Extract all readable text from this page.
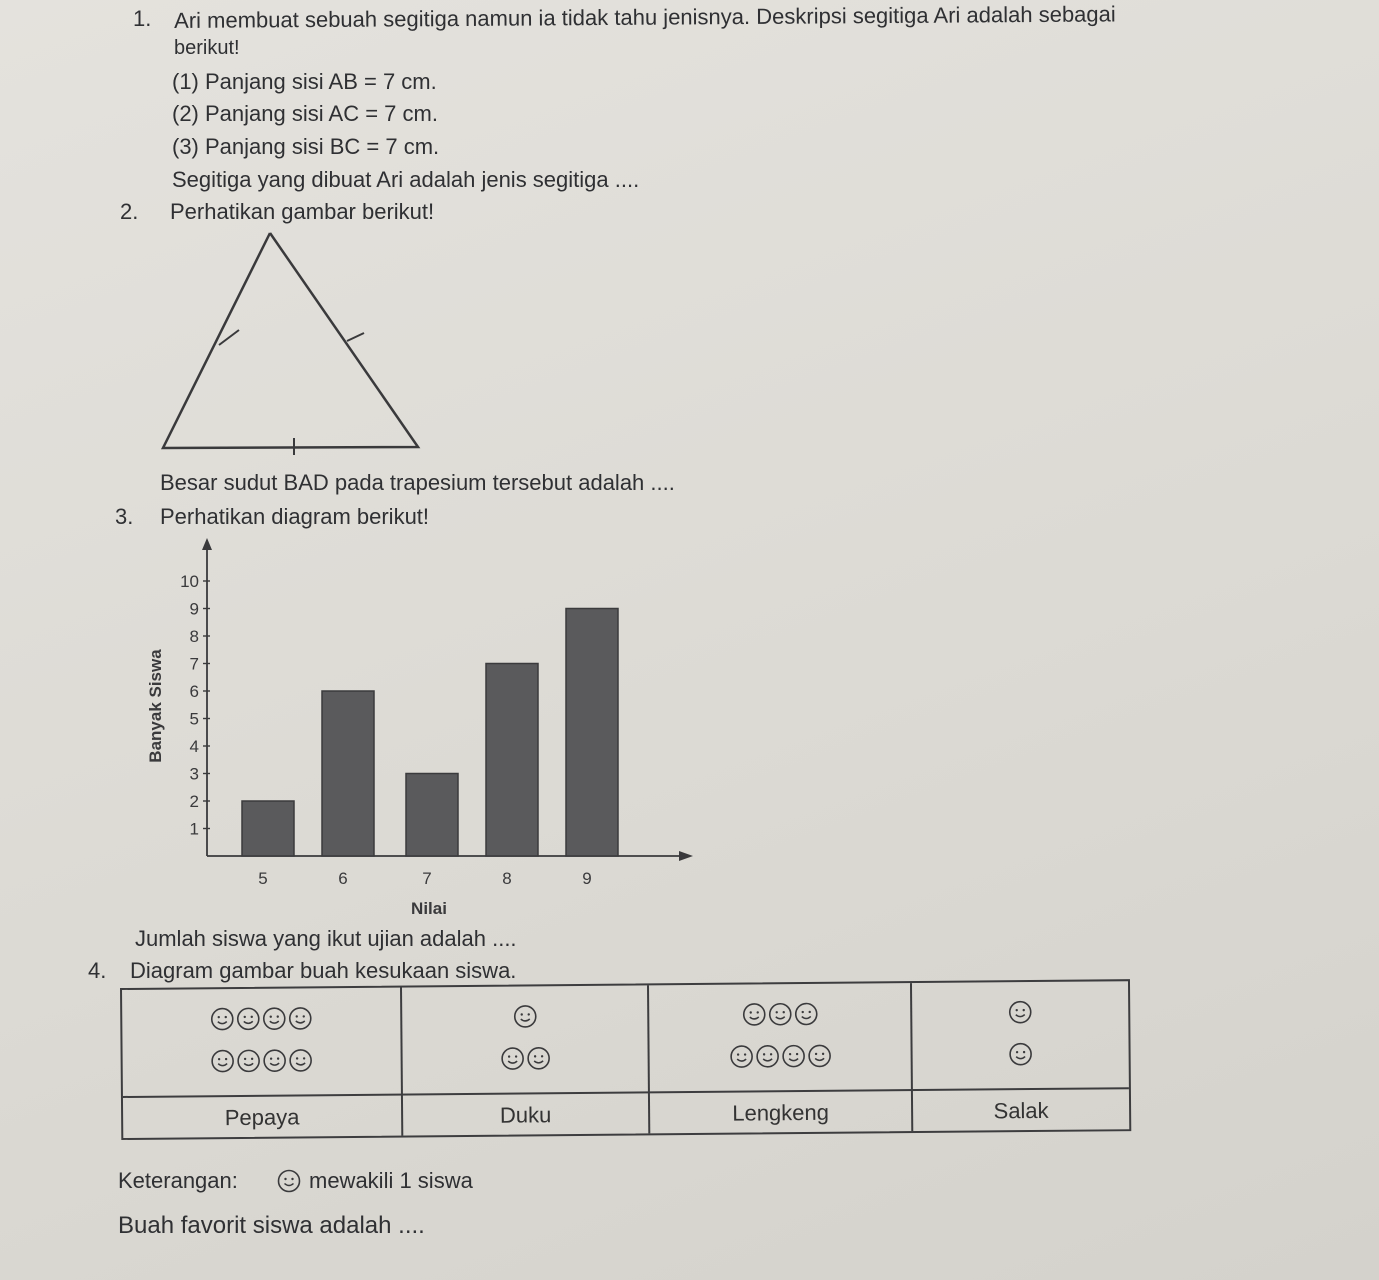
1.	Ari membuat sebuah segitiga namun ia tidak tahu jenisnya. Deskripsi segitiga Ari adalah sebagai
berikut!
(1) Panjang sisi AB = 7 cm.
(2) Panjang sisi AC = 7 cm.
(3) Panjang sisi BC = 7 cm.
Segitiga yang dibuat Ari adalah jenis segitiga ....
2.	Perhatikan gambar berikut!
Besar sudut BAD pada trapesium tersebut adalah ....
3.	Perhatikan diagram berikut!
1
2
3
4
5
6
7
8
9
10
5	6	7	8	9
Nilai
Banyak Siswa
Jumlah siswa yang ikut ujian adalah ....
4.	Diagram gambar buah kesukaan siswa.
Pepaya	Duku	Lengkeng	Salak
Keterangan:	mewakili 1 siswa
Buah favorit siswa adalah ....
